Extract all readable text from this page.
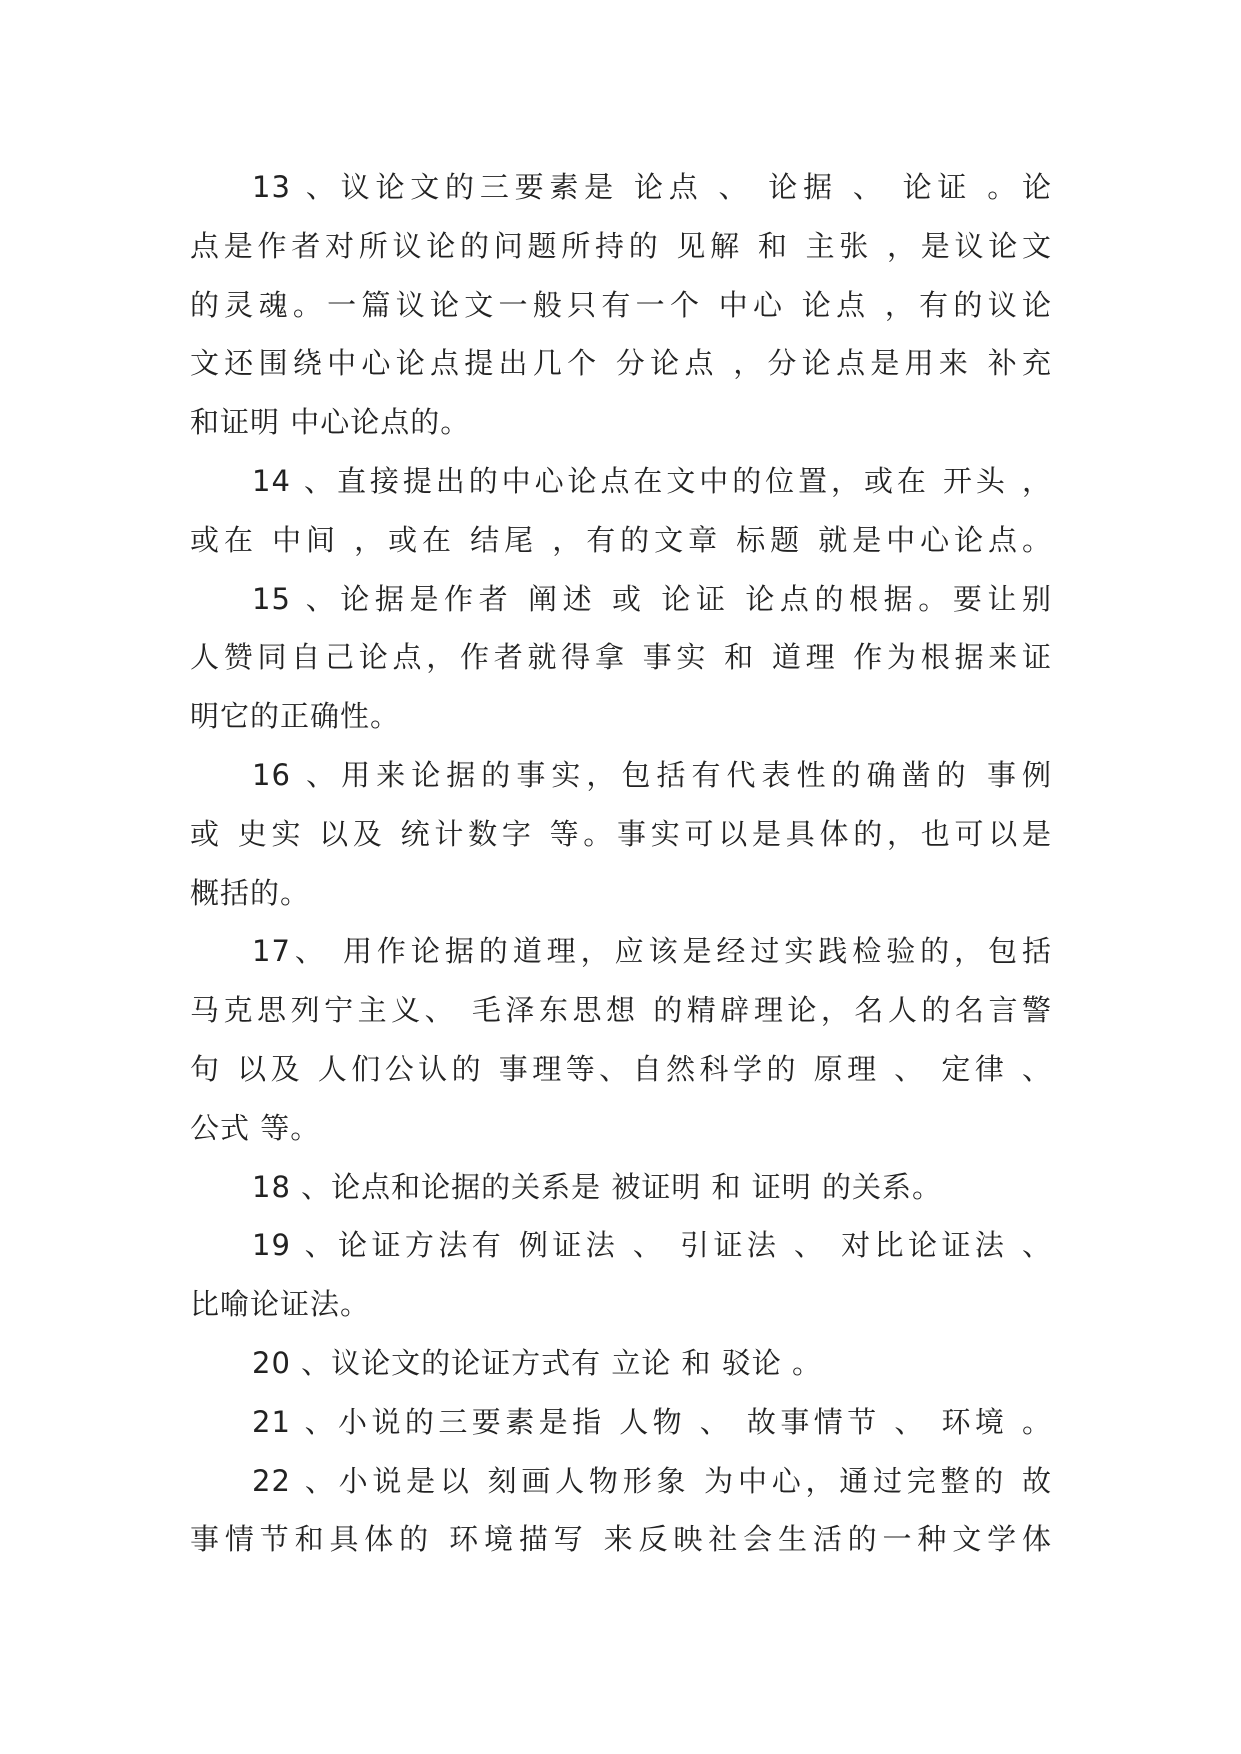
13 、议论文的三要素是 论点 、 论据 、 论证 。论
点是作者对所议论的问题所持的 见解 和 主张 ，是议论文
的灵魂。一篇议论文一般只有一个 中心 论点 ，有的议论
文还围绕中心论点提出几个 分论点 ，分论点是用来 补充
和证明 中心论点的。
14 、直接提出的中心论点在文中的位置，或在 开头 ，
或在 中间 ，或在 结尾 ，有的文章 标题 就是中心论点。
15 、论据是作者 阐述 或 论证 论点的根据。要让别
人赞同自己论点，作者就得拿 事实 和 道理 作为根据来证
明它的正确性。
16 、用来论据的事实，包括有代表性的确凿的 事例
或 史实 以及 统计数字 等。事实可以是具体的，也可以是
概括的。
17、 用作论据的道理，应该是经过实践检验的，包括
马克思列宁主义、 毛泽东思想 的精辟理论，名人的名言警
句 以及 人们公认的 事理等、自然科学的 原理 、 定律 、
公式 等。
18 、论点和论据的关系是 被证明 和 证明 的关系。
19 、论证方法有 例证法 、 引证法 、 对比论证法 、
比喻论证法。
20 、议论文的论证方式有 立论 和 驳论 。
21 、小说的三要素是指 人物 、 故事情节 、 环境 。
22 、小说是以 刻画人物形象 为中心，通过完整的 故
事情节和具体的 环境描写 来反映社会生活的一种文学体
